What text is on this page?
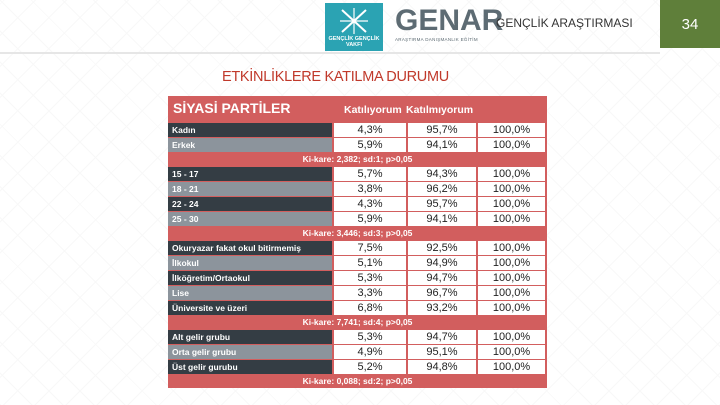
GENÇLİK GENÇLİK VAKFI
GENAR
ARAŞTIRMA DANIŞMANLIK EĞİTİM
GENÇLİK ARAŞTIRMASI	34
ETKİNLİKLERE KATILMA DURUMU
SİYASİ PARTİLER	Katılıyorum Katılmıyorum
Kadın	4,3%	95,7%	100,0%
Erkek	5,9%	94,1%	100,0%
Ki-kare: 2,382; sd:1; p>0,05
15 - 17	5,7%	94,3%	100,0%
18 - 21	3,8%	96,2%	100,0%
22 - 24	4,3%	95,7%	100,0%
25 - 30	5,9%	94,1%	100,0%
Ki-kare: 3,446; sd:3; p>0,05
Okuryazar fakat okul bitirmemiş	7,5%	92,5%	100,0%
İlkokul	5,1%	94,9%	100,0%
İlköğretim/Ortaokul	5,3%	94,7%	100,0%
Lise	3,3%	96,7%	100,0%
Üniversite ve üzeri	6,8%	93,2%	100,0%
Ki-kare: 7,741; sd:4; p>0,05
Alt gelir grubu	5,3%	94,7%	100,0%
Orta gelir grubu	4,9%	95,1%	100,0%
Üst gelir gurubu	5,2%	94,8%	100,0%
Ki-kare: 0,088; sd:2; p>0,05
